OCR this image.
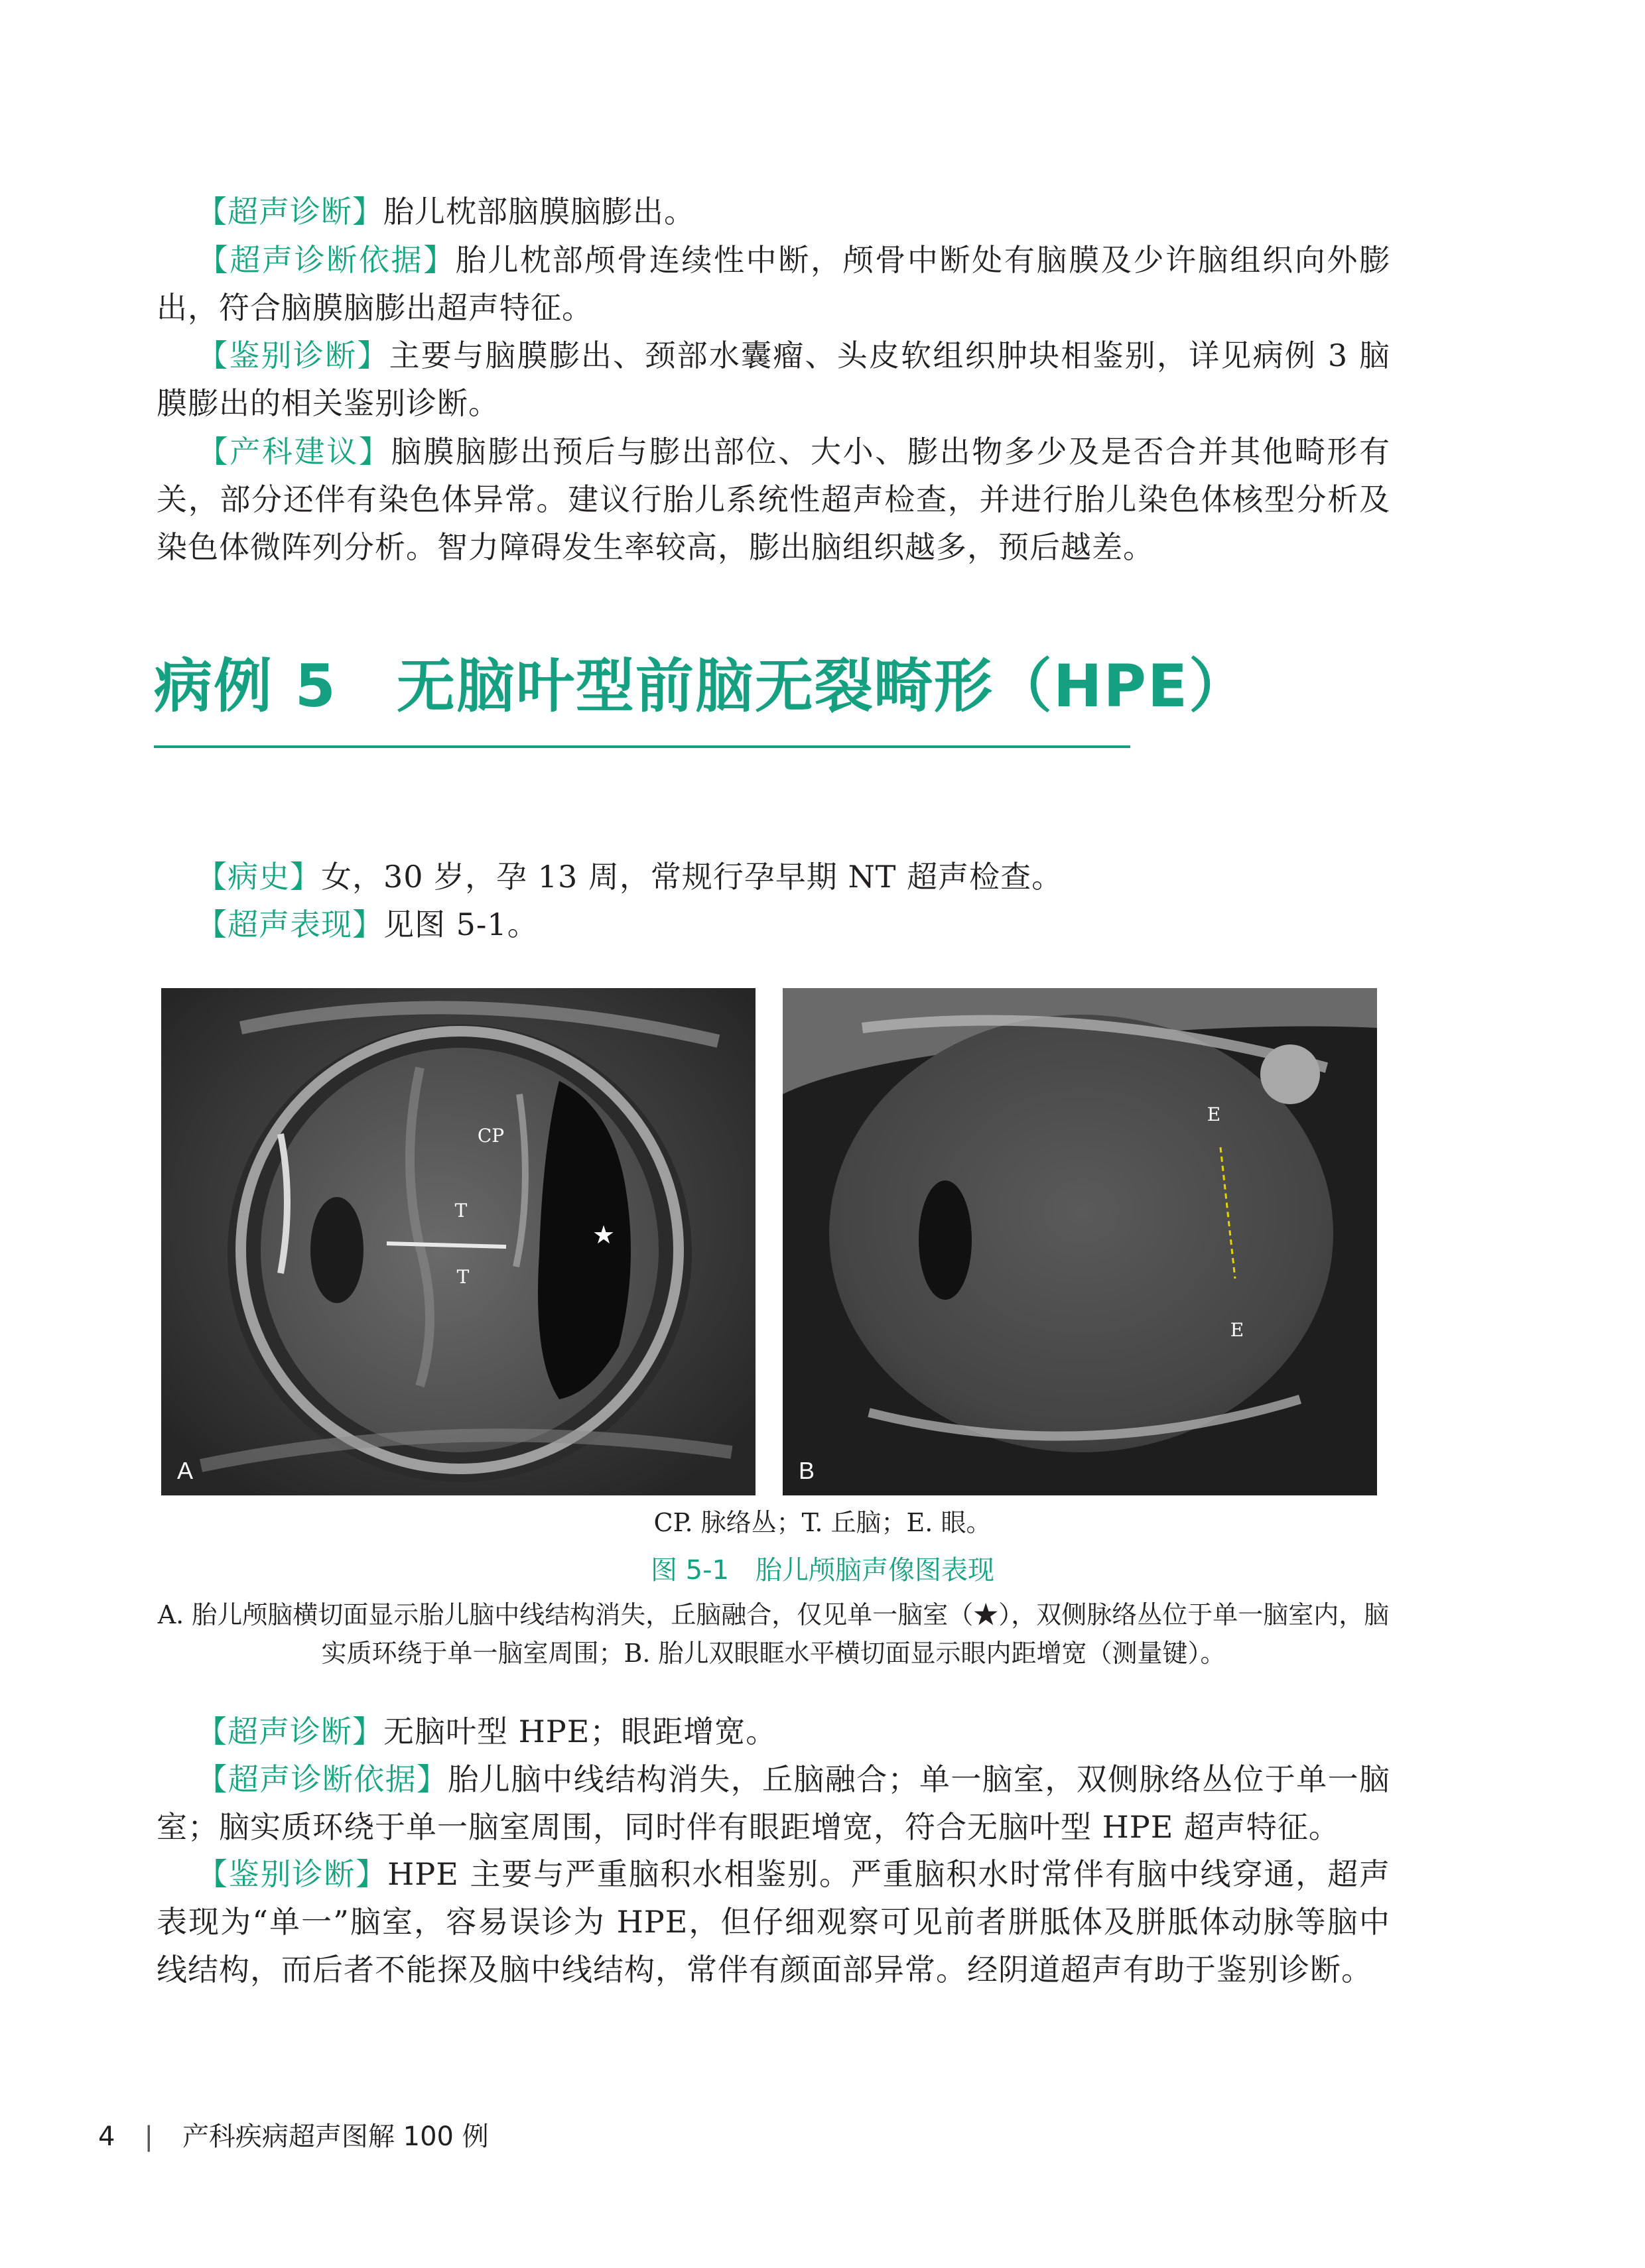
【超声诊断】胎儿枕部脑膜脑膨出。

【超声诊断依据】胎儿枕部颅骨连续性中断，颅骨中断处有脑膜及少许脑组织向外膨出，符合脑膜脑膨出超声特征。

【鉴别诊断】主要与脑膜膨出、颈部水囊瘤、头皮软组织肿块相鉴别，详见病例 3 脑膜膨出的相关鉴别诊断。

【产科建议】脑膜脑膨出预后与膨出部位、大小、膨出物多少及是否合并其他畸形有关，部分还伴有染色体异常。建议行胎儿系统性超声检查，并进行胎儿染色体核型分析及染色体微阵列分析。智力障碍发生率较高，膨出脑组织越多，预后越差。

病例 5　无脑叶型前脑无裂畸形（HPE）

【病史】女，30 岁，孕 13 周，常规行孕早期 NT 超声检查。

【超声表现】见图 5-1。

CP
T
T
★
A
E
E
B

CP. 脉络丛；T. 丘脑；E. 眼。

图 5-1　胎儿颅脑声像图表现

A. 胎儿颅脑横切面显示胎儿脑中线结构消失，丘脑融合，仅见单一脑室（★），双侧脉络丛位于单一脑室内，脑实质环绕于单一脑室周围；B. 胎儿双眼眶水平横切面显示眼内距增宽（测量键）。

【超声诊断】无脑叶型 HPE；眼距增宽。

【超声诊断依据】胎儿脑中线结构消失，丘脑融合；单一脑室，双侧脉络丛位于单一脑室；脑实质环绕于单一脑室周围，同时伴有眼距增宽，符合无脑叶型 HPE 超声特征。

【鉴别诊断】HPE 主要与严重脑积水相鉴别。严重脑积水时常伴有脑中线穿通，超声表现为“单一”脑室，容易误诊为 HPE，但仔细观察可见前者胼胝体及胼胝体动脉等脑中线结构，而后者不能探及脑中线结构，常伴有颜面部异常。经阴道超声有助于鉴别诊断。

4 | 产科疾病超声图解 100 例
